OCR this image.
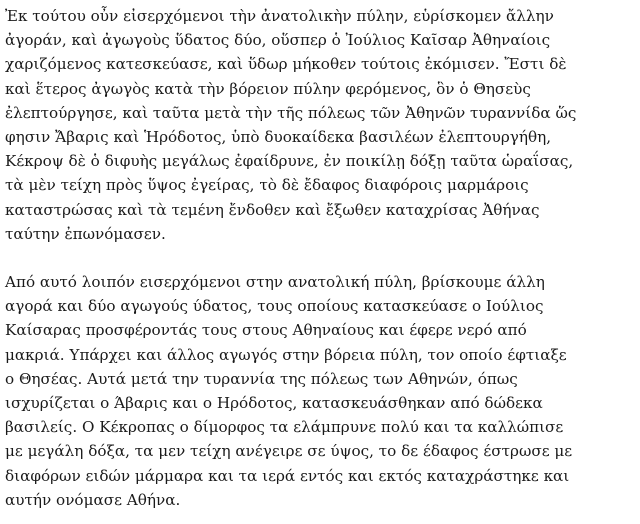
Ἐκ τούτου οὖν εἰσερχόμενοι τὴν ἀνατολικὴν πύλην, εὑρίσκομεν ἄλλην
ἀγοράν, καὶ ἀγωγοὺς ὕδατος δύο, οὕσπερ ὁ Ἰούλιος Καῖσαρ Ἀθηναίοις
χαριζόμενος κατεσκεύασε, καὶ ὕδωρ μήκοθεν τούτοις ἐκόμισεν. Ἔστι δὲ
καὶ ἕτερος ἀγωγὸς κατὰ τὴν βόρειον πύλην φερόμενος, ὃν ὁ Θησεὺς
ἐλεπτούργησε, καὶ ταῦτα μετὰ τὴν τῆς πόλεως τῶν Ἀθηνῶν τυραννίδα ὥς
φησιν Ἄβαρις καὶ Ἡρόδοτος, ὑπὸ δυοκαίδεκα βασιλέων ἐλεπτουργήθη,
Κέκροψ δὲ ὁ διφυὴς μεγάλως ἐφαίδρυνε, ἐν ποικίλῃ δόξῃ ταῦτα ὡραΐσας,
τὰ μὲν τείχη πρὸς ὕψος ἐγείρας, τὸ δὲ ἔδαφος διαφόροις μαρμάροις
καταστρώσας καὶ τὰ τεμένη ἔνδοθεν καὶ ἔξωθεν καταχρίσας Ἀθήνας
ταύτην ἐπωνόμασεν.

Από αυτό λοιπόν εισερχόμενοι στην ανατολική πύλη, βρίσκουμε άλλη
αγορά και δύο αγωγούς ύδατος, τους οποίους κατασκεύασε ο Ιούλιος
Καίσαρας προσφέροντάς τους στους Αθηναίους και έφερε νερό από
μακριά. Υπάρχει και άλλος αγωγός στην βόρεια πύλη, τον οποίο έφτιαξε
ο Θησέας. Αυτά μετά την τυραννία της πόλεως των Αθηνών, όπως
ισχυρίζεται ο Άβαρις και ο Ηρόδοτος, κατασκευάσθηκαν από δώδεκα
βασιλείς. Ο Κέκροπας ο δίμορφος τα ελάμπρυνε πολύ και τα καλλώπισε
με μεγάλη δόξα, τα μεν τείχη ανέγειρε σε ύψος, το δε έδαφος έστρωσε με
διαφόρων ειδών μάρμαρα και τα ιερά εντός και εκτός καταχράστηκε και
αυτήν ονόμασε Αθήνα.
